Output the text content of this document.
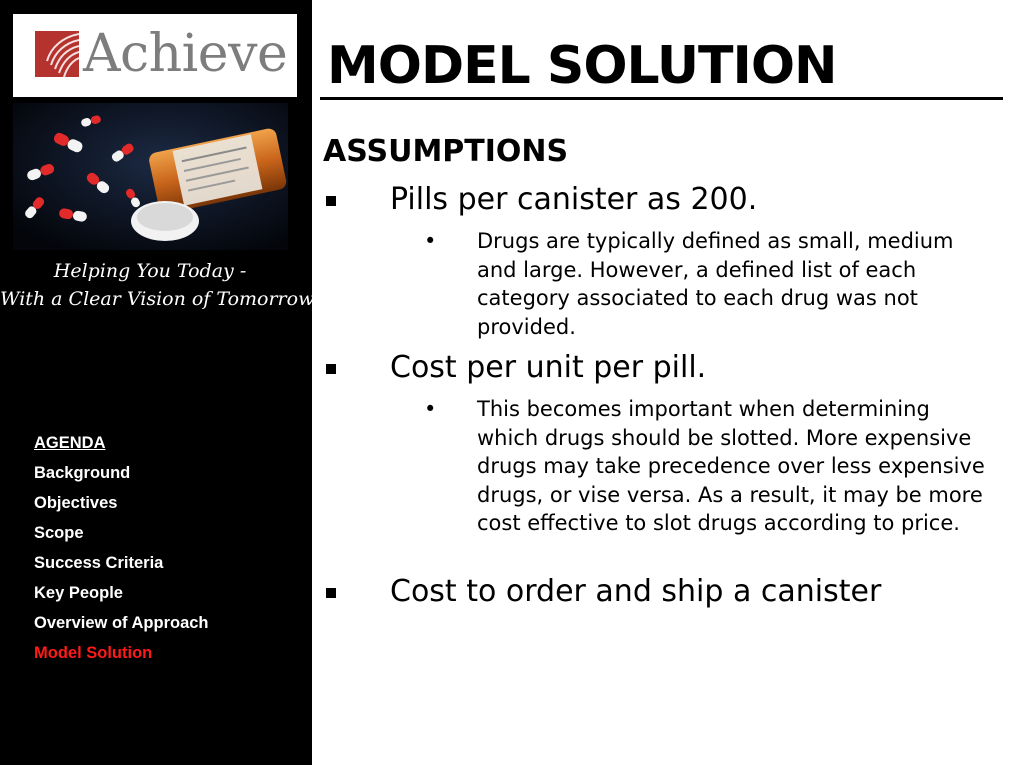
Achieve
Helping You Today -
With a Clear Vision of Tomorrow
AGENDA
Background
Objectives
Scope
Success Criteria
Key People
Overview of Approach
Model Solution
MODEL SOLUTION
ASSUMPTIONS
Pills per canister as 200.
• Drugs are typically defined as small, medium and large. However, a defined list of each category associated to each drug was not provided.
Cost per unit per pill.
• This becomes important when determining which drugs should be slotted. More expensive drugs may take precedence over less expensive drugs, or vise versa. As a result, it may be more cost effective to slot drugs according to price.
Cost to order and ship a canister
